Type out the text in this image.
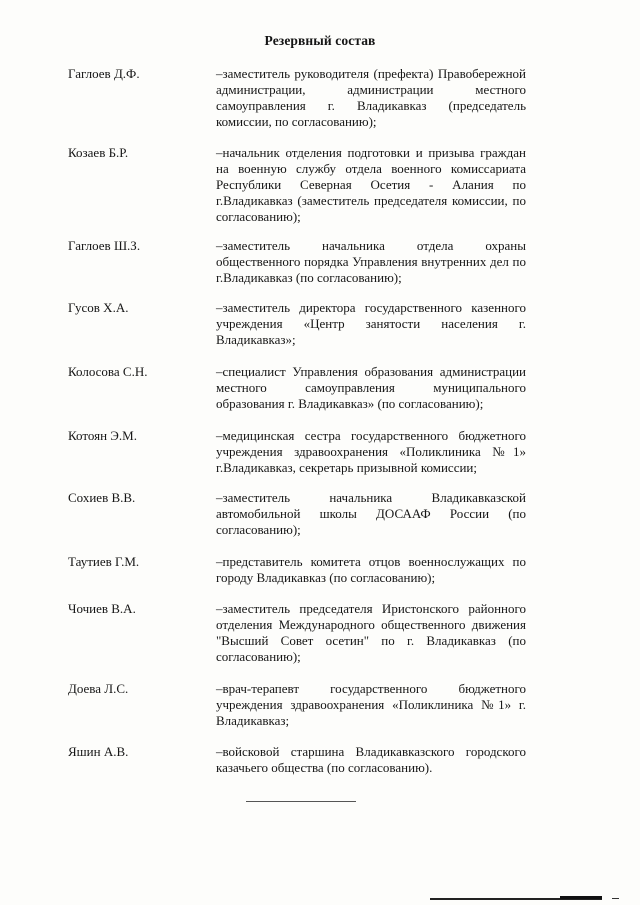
Резервный состав
Гаглоев Д.Ф.	–заместитель руководителя (префекта) Правобережной администрации, администрации местного самоуправления г. Владикавказ (председатель комиссии, по согласованию);
Козаев Б.Р.	–начальник отделения подготовки и призыва граждан на военную службу отдела военного комиссариата Республики Северная Осетия - Алания по г.Владикавказ (заместитель председателя комиссии, по согласованию);
Гаглоев Ш.З.	–заместитель начальника отдела охраны общественного порядка Управления внутренних дел по г.Владикавказ (по согласованию);
Гусов Х.А.	–заместитель директора государственного казенного учреждения «Центр занятости населения г. Владикавказ»;
Колосова С.Н.	–специалист Управления образования администрации местного самоуправления муниципального образования г. Владикавказ» (по согласованию);
Котоян Э.М.	–медицинская сестра государственного бюджетного учреждения здравоохранения «Поликлиника №1» г.Владикавказ, секретарь призывной комиссии;
Сохиев В.В.	–заместитель начальника Владикавказской автомобильной школы ДОСААФ России (по согласованию);
Таутиев Г.М.	–представитель комитета отцов военнослужащих по городу Владикавказ (по согласованию);
Чочиев В.А.	–заместитель председателя Иристонского районного отделения Международного общественного движения "Высший Совет осетин" по г. Владикавказ (по согласованию);
Доева Л.С.	–врач-терапевт государственного бюджетного учреждения здравоохранения «Поликлиника №1» г. Владикавказ;
Яшин А.В.	–войсковой старшина Владикавказского городского казачьего общества (по согласованию).
